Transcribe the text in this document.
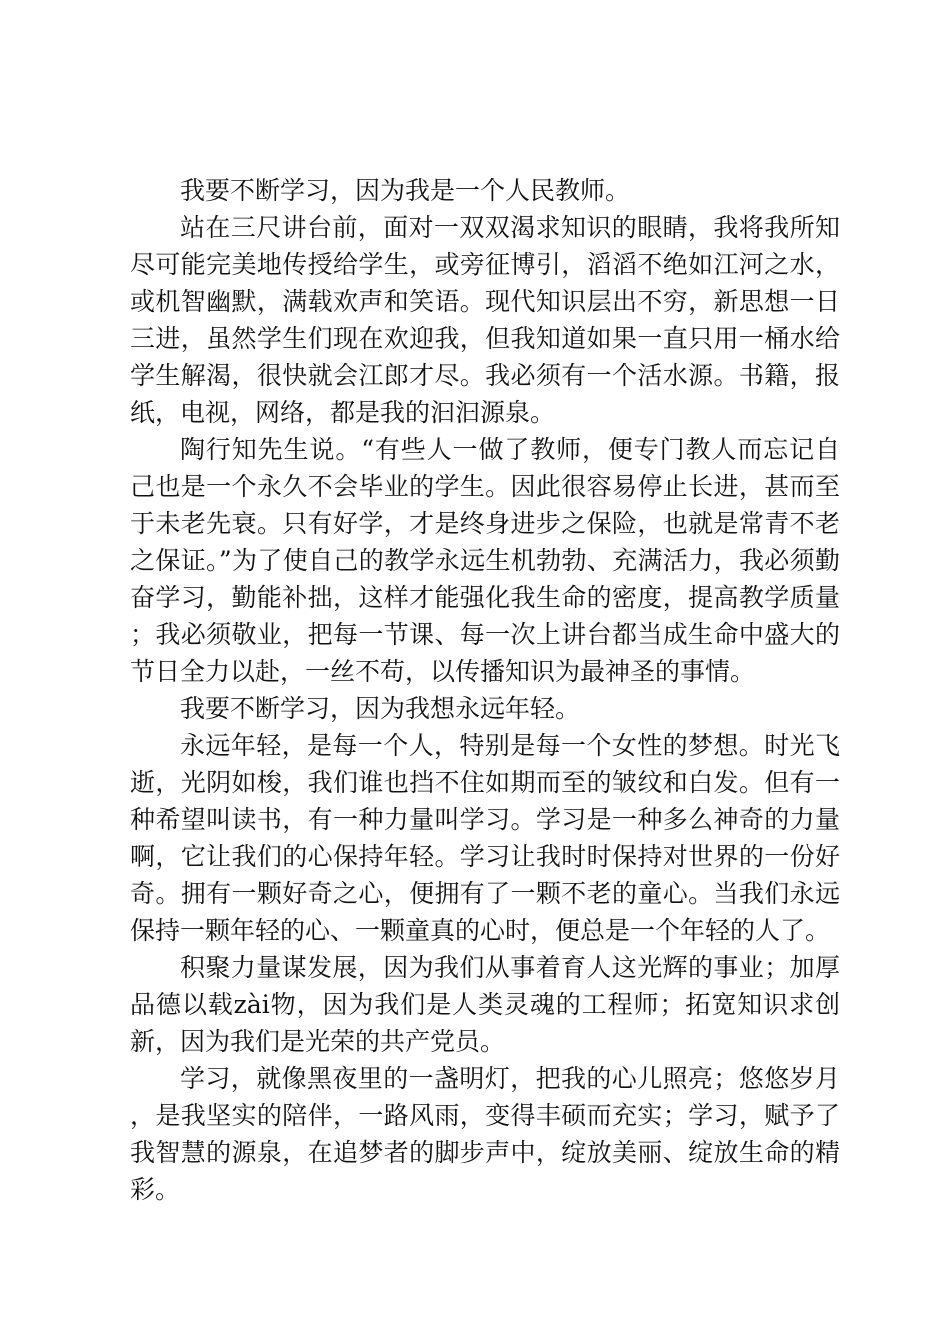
我要不断学习，因为我是一个人民教师。

站在三尺讲台前，面对一双双渴求知识的眼睛，我将我所知尽可能完美地传授给学生，或旁征博引，滔滔不绝如江河之水，或机智幽默，满载欢声和笑语。现代知识层出不穷，新思想一日三进，虽然学生们现在欢迎我，但我知道如果一直只用一桶水给学生解渴，很快就会江郎才尽。我必须有一个活水源。书籍，报纸，电视，网络，都是我的汩汩源泉。

陶行知先生说。“有些人一做了教师，便专门教人而忘记自己也是一个永久不会毕业的学生。因此很容易停止长进，甚而至于未老先衰。只有好学，才是终身进步之保险，也就是常青不老之保证。”为了使自己的教学永远生机勃勃、充满活力，我必须勤奋学习，勤能补拙，这样才能强化我生命的密度，提高教学质量；我必须敬业，把每一节课、每一次上讲台都当成生命中盛大的节日全力以赴，一丝不苟，以传播知识为最神圣的事情。

我要不断学习，因为我想永远年轻。

永远年轻，是每一个人，特别是每一个女性的梦想。时光飞逝，光阴如梭，我们谁也挡不住如期而至的皱纹和白发。但有一种希望叫读书，有一种力量叫学习。学习是一种多么神奇的力量啊，它让我们的心保持年轻。学习让我时时保持对世界的一份好奇。拥有一颗好奇之心，便拥有了一颗不老的童心。当我们永远保持一颗年轻的心、一颗童真的心时，便总是一个年轻的人了。

积聚力量谋发展，因为我们从事着育人这光辉的事业；加厚品德以载zài物，因为我们是人类灵魂的工程师；拓宽知识求创新，因为我们是光荣的共产党员。

学习，就像黑夜里的一盏明灯，把我的心儿照亮；悠悠岁月，是我坚实的陪伴，一路风雨，变得丰硕而充实；学习，赋予了我智慧的源泉，在追梦者的脚步声中，绽放美丽、绽放生命的精彩。
